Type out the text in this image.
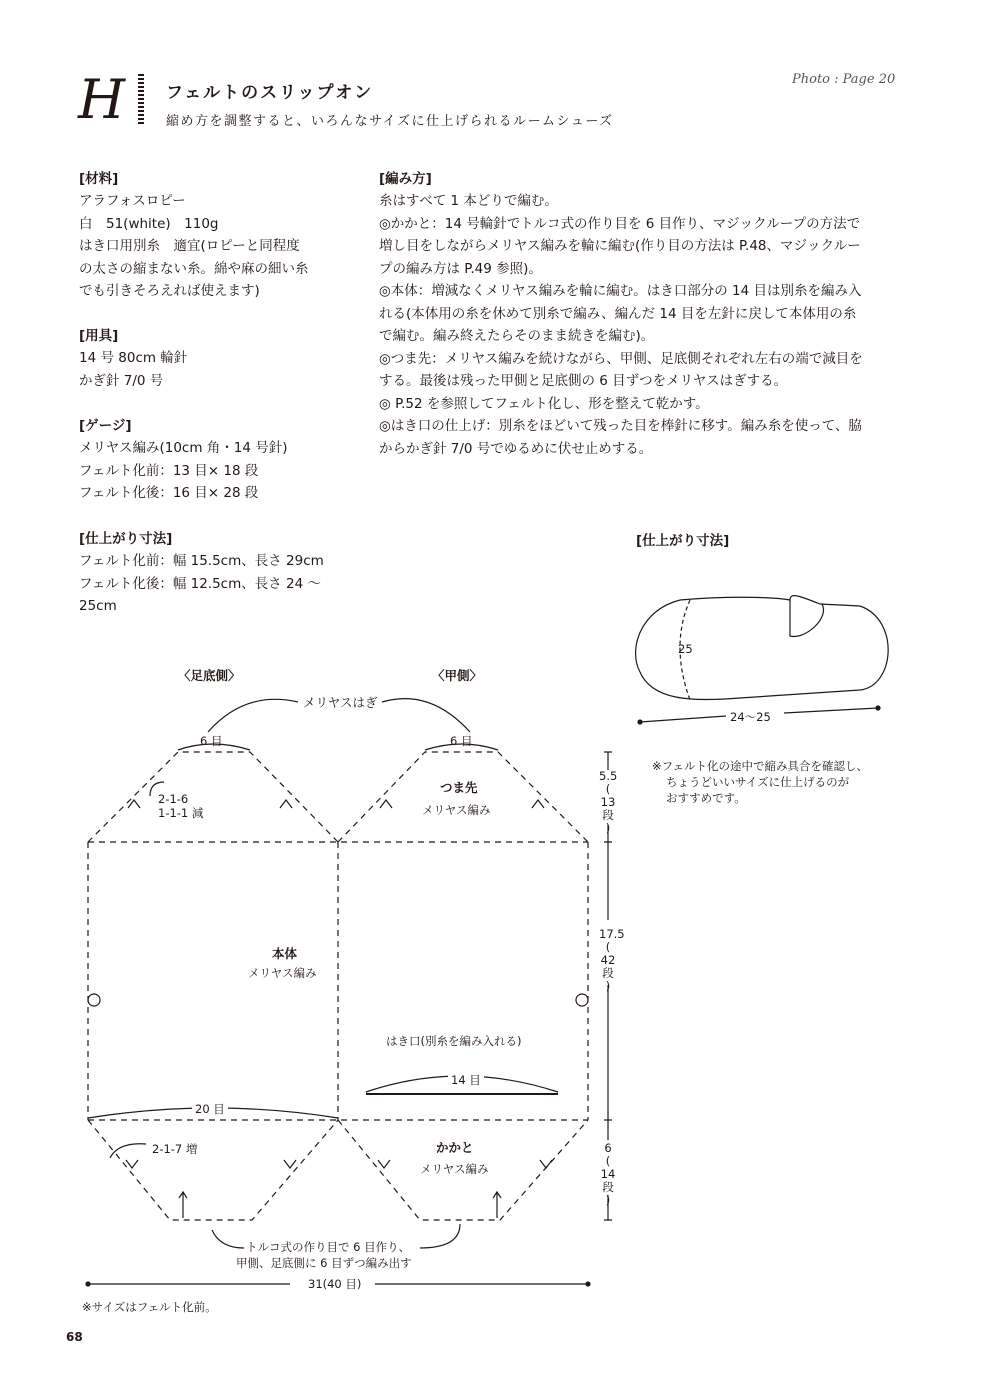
H フェルトのスリップオン
縮め方を調整すると、いろんなサイズに仕上げられるルームシューズ
Photo : Page 20
[材料]
アラフォスロピー
白　51(white)　110g
はき口用別糸　適宜(ロピーと同程度
の太さの縮まない糸。綿や麻の細い糸
でも引きそろえれば使えます)
[用具]
14 号 80cm 輪針
かぎ針 7/0 号
[ゲージ]
メリヤス編み(10cm 角・14 号針)
フェルト化前：13 目× 18 段
フェルト化後：16 目× 28 段
[仕上がり寸法]
フェルト化前：幅 15.5cm、長さ 29cm
フェルト化後：幅 12.5cm、長さ 24 ～
25cm
[編み方]
糸はすべて 1 本どりで編む。
◎かかと：14 号輪針でトルコ式の作り目を 6 目作り、マジックループの方法で
増し目をしながらメリヤス編みを輪に編む(作り目の方法は P.48、マジックルー
プの編み方は P.49 参照)。
◎本体：増減なくメリヤス編みを輪に編む。はき口部分の 14 目は別糸を編み入
れる(本体用の糸を休めて別糸で編み、編んだ 14 目を左針に戻して本体用の糸
で編む。編み終えたらそのまま続きを編む)。
◎つま先：メリヤス編みを続けながら、甲側、足底側それぞれ左右の端で減目を
する。最後は残った甲側と足底側の 6 目ずつをメリヤスはぎする。
◎ P.52 を参照してフェルト化し、形を整えて乾かす。
◎はき口の仕上げ：別糸をほどいて残った目を棒針に移す。編み糸を使って、脇
からかぎ針 7/0 号でゆるめに伏せ止めする。
〈足底側〉	〈甲側〉
メリヤスはぎ
6 目	6 目
2-1-6
1-1-1 減
つま先
メリヤス編み
本体
メリヤス編み
はき口(別糸を編み入れる)
14 目
20 目
2-1-7 増	かかと
メリヤス編み
トルコ式の作り目で 6 目作り、
甲側、足底側に 6 目ずつ編み出す
31(40 目)
5.5
(
13
段
)
17.5
(
42
段
)
6
(
14
段
)
※サイズはフェルト化前。
[仕上がり寸法]
25
24〜25
※フェルト化の途中で縮み具合を確認し、
ちょうどいいサイズに仕上げるのが
おすすめです。
68
